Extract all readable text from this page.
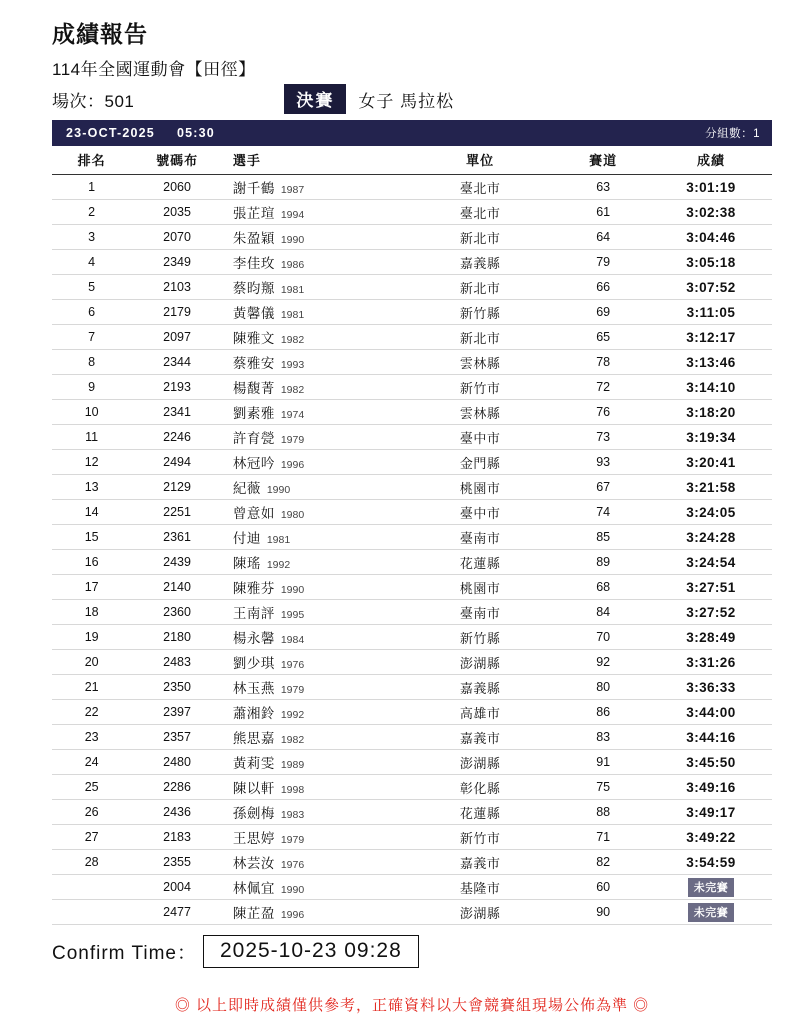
成績報告
114年全國運動會【田徑】
場次：501	決賽	女子 馬拉松
23-OCT-2025 05:30	分組數：1
排名	號碼布	選手	單位	賽道	成績
1	2060	謝千鶴 1987	臺北市	63	3:01:19
2	2035	張芷瑄 1994	臺北市	61	3:02:38
3	2070	朱盈穎 1990	新北市	64	3:04:46
4	2349	李佳玫 1986	嘉義縣	79	3:05:18
5	2103	蔡昀羱 1981	新北市	66	3:07:52
6	2179	黃馨儀 1981	新竹縣	69	3:11:05
7	2097	陳雅文 1982	新北市	65	3:12:17
8	2344	蔡雅安 1993	雲林縣	78	3:13:46
9	2193	楊馥菁 1982	新竹市	72	3:14:10
10	2341	劉素雅 1974	雲林縣	76	3:18:20
11	2246	許育甇 1979	臺中市	73	3:19:34
12	2494	林冠吟 1996	金門縣	93	3:20:41
13	2129	紀薇 1990	桃園市	67	3:21:58
14	2251	曾意如 1980	臺中市	74	3:24:05
15	2361	付迪 1981	臺南市	85	3:24:28
16	2439	陳瑤 1992	花蓮縣	89	3:24:54
17	2140	陳雅芬 1990	桃園市	68	3:27:51
18	2360	王南評 1995	臺南市	84	3:27:52
19	2180	楊永馨 1984	新竹縣	70	3:28:49
20	2483	劉少琪 1976	澎湖縣	92	3:31:26
21	2350	林玉燕 1979	嘉義縣	80	3:36:33
22	2397	蕭湘鈴 1992	高雄市	86	3:44:00
23	2357	熊思嘉 1982	嘉義市	83	3:44:16
24	2480	黃莉雯 1989	澎湖縣	91	3:45:50
25	2286	陳以軒 1998	彰化縣	75	3:49:16
26	2436	孫劍梅 1983	花蓮縣	88	3:49:17
27	2183	王思婷 1979	新竹市	71	3:49:22
28	2355	林芸汝 1976	嘉義市	82	3:54:59
	2004	林佩宜 1990	基隆市	60	未完賽
	2477	陳芷盈 1996	澎湖縣	90	未完賽
Confirm Time：	2025-10-23 09:28
◎ 以上即時成績僅供參考，正確資料以大會競賽組現場公佈為準 ◎
